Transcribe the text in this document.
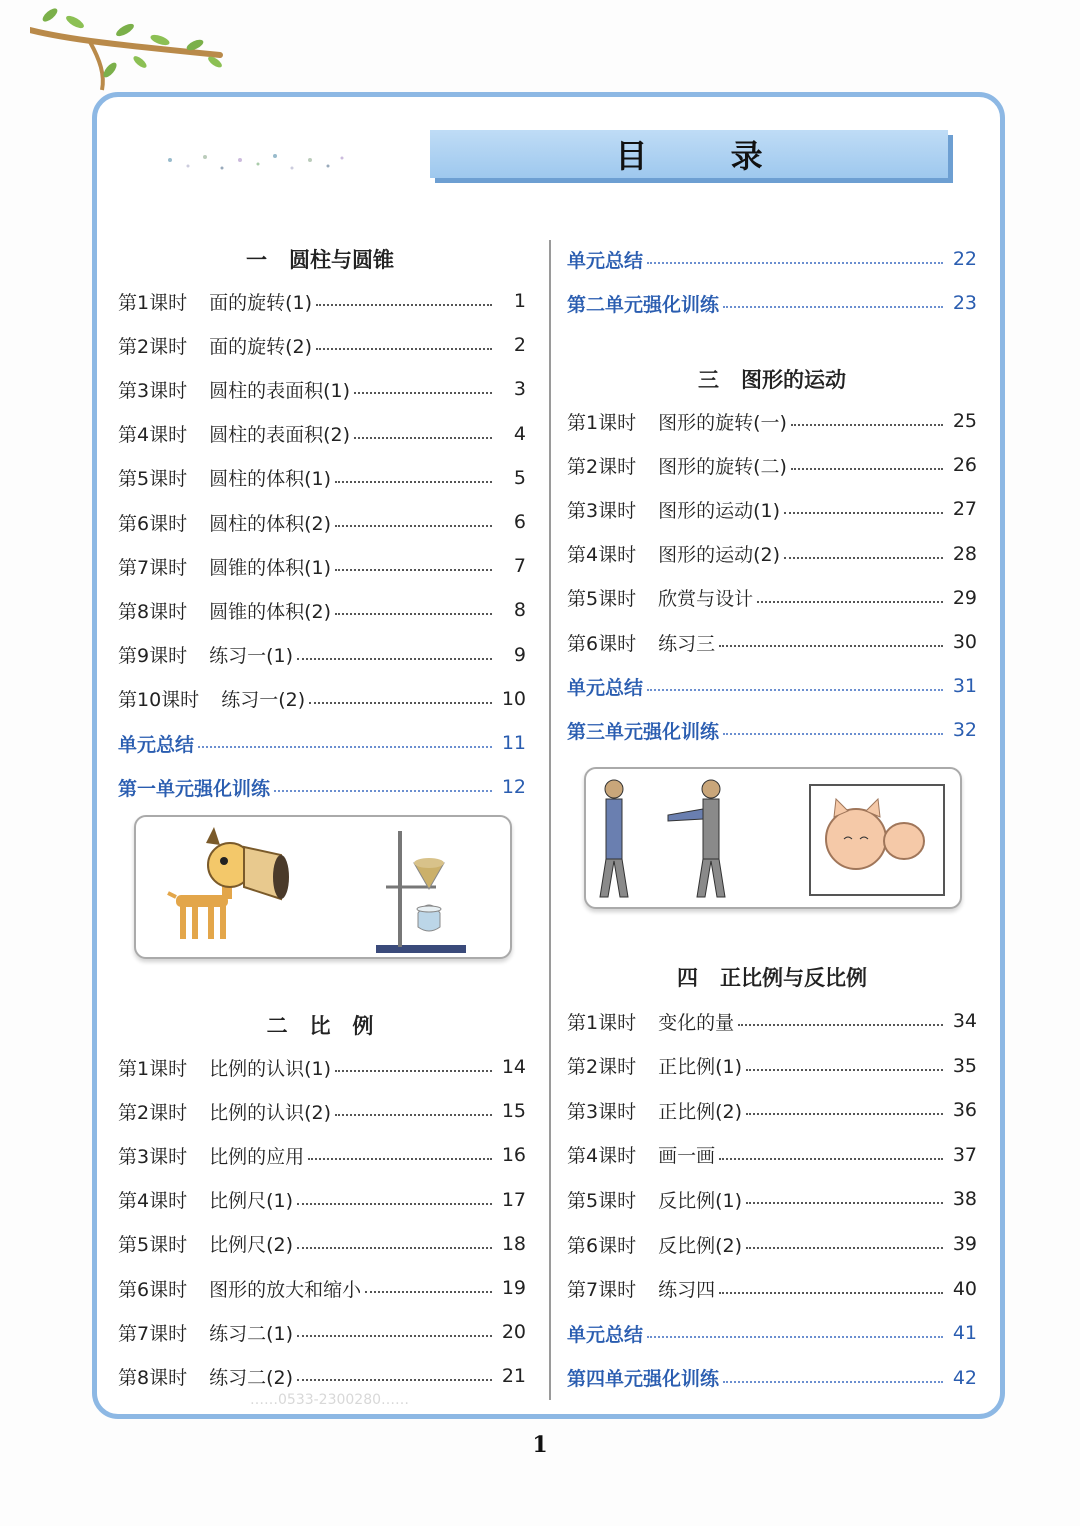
目 录
一   圆柱与圆锥
第1课时 面的旋转(1)	1
第2课时 面的旋转(2)	2
第3课时 圆柱的表面积(1)	3
第4课时 圆柱的表面积(2)	4
第5课时 圆柱的体积(1)	5
第6课时 圆柱的体积(2)	6
第7课时 圆锥的体积(1)	7
第8课时 圆锥的体积(2)	8
第9课时 练习一(1)	9
第10课时 练习一(2)	10
单元总结	11
第一单元强化训练	12
二   比   例
第1课时 比例的认识(1)	14
第2课时 比例的认识(2)	15
第3课时 比例的应用	16
第4课时 比例尺(1)	17
第5课时 比例尺(2)	18
第6课时 图形的放大和缩小	19
第7课时 练习二(1)	20
第8课时 练习二(2)	21
单元总结	22
第二单元强化训练	23
三   图形的运动
第1课时 图形的旋转(一)	25
第2课时 图形的旋转(二)	26
第3课时 图形的运动(1)	27
第4课时 图形的运动(2)	28
第5课时 欣赏与设计	29
第6课时 练习三	30
单元总结	31
第三单元强化训练	32
四   正比例与反比例
第1课时 变化的量	34
第2课时 正比例(1)	35
第3课时 正比例(2)	36
第4课时 画一画	37
第5课时 反比例(1)	38
第6课时 反比例(2)	39
第7课时 练习四	40
单元总结	41
第四单元强化训练	42
……0533-2300280……
1
